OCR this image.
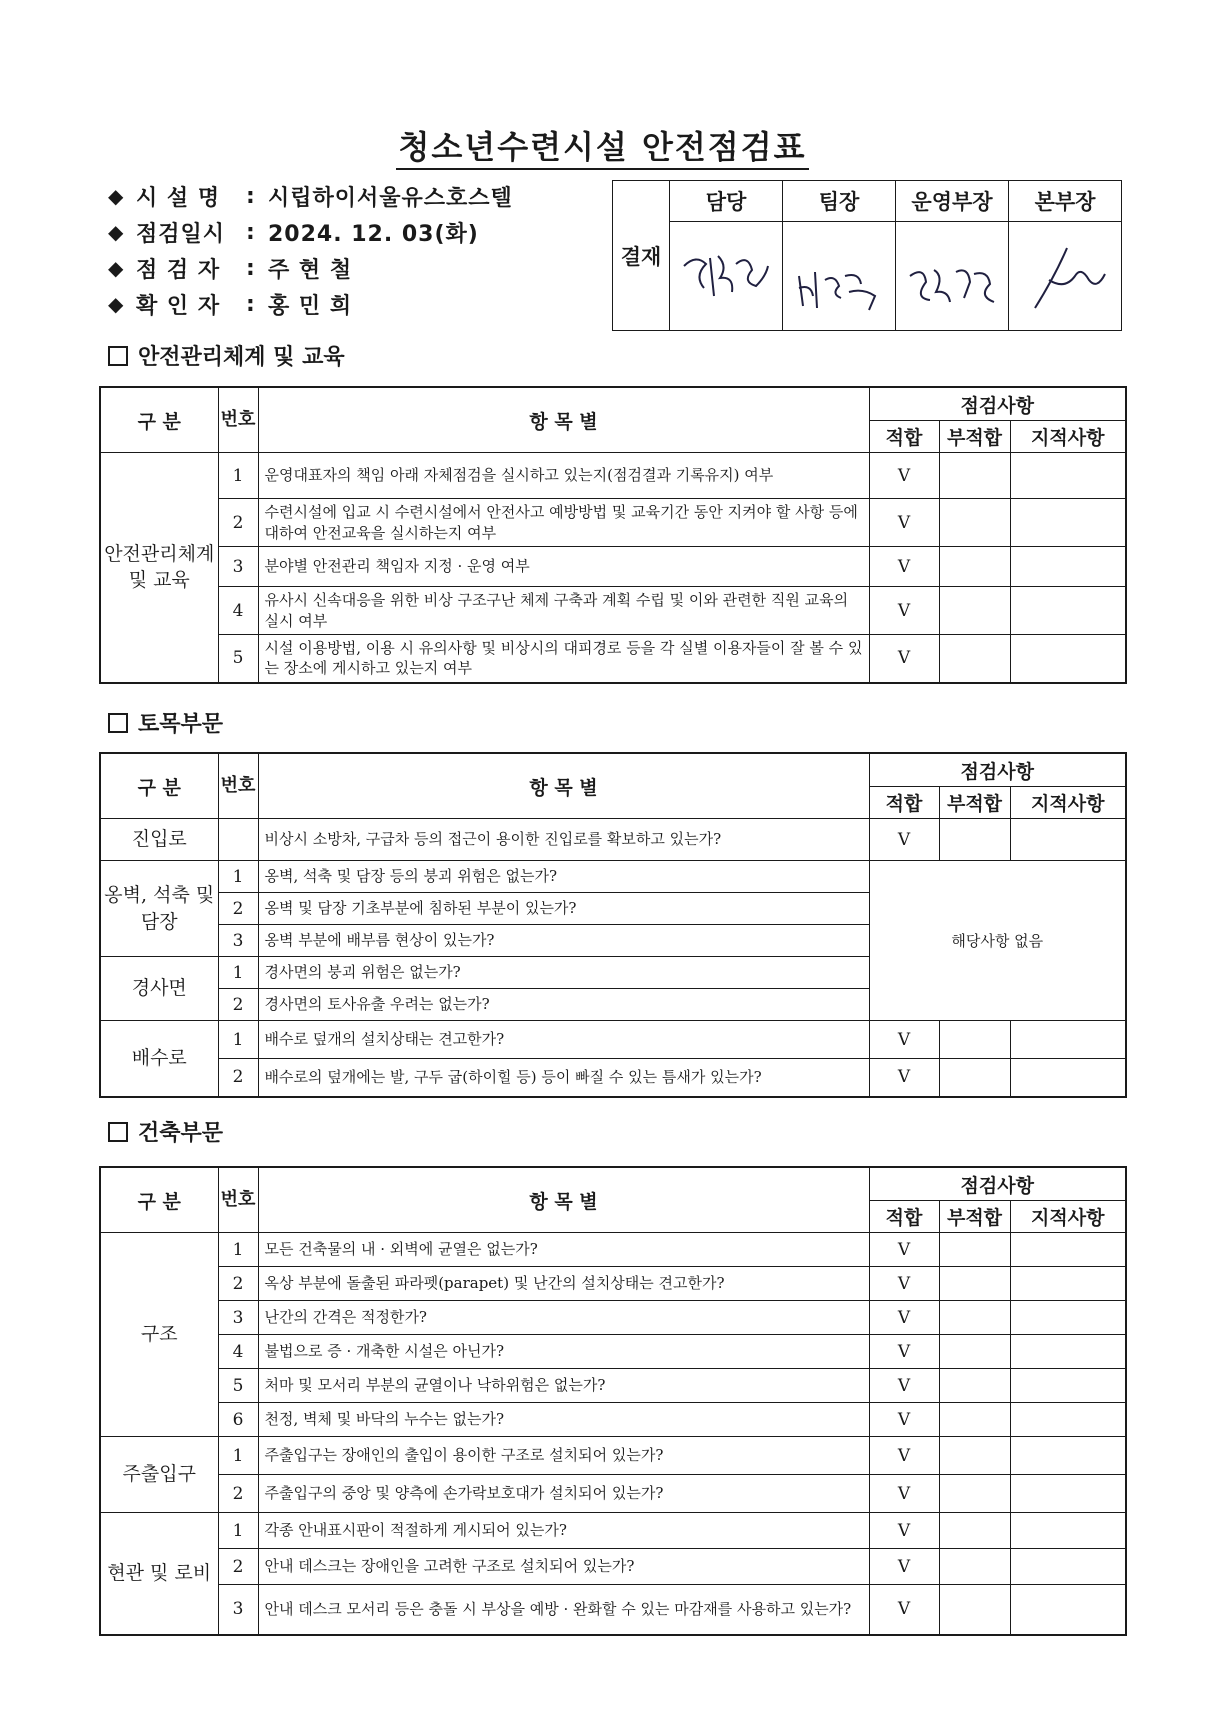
청소년수련시설 안전점검표
◆ 시 설 명	: 시립하이서울유스호스텔
◆ 점검일시 : 2024. 12. 03(화)
◆ 점 검 자	: 주 현 철
◆ 확 인 자	: 홍 민 희
결재	담당	팀장	운영부장	본부장

안전관리체계 및 교육
구 분	번호	항 목 별	점검사항		
			적합	부적합	지적사항
안전관리체계 및 교육	1	운영대표자의 책임 아래 자체점검을 실시하고 있는지(점검결과 기록유지) 여부	V		
	2	수련시설에 입교 시 수련시설에서 안전사고 예방방법 및 교육기간 동안 지켜야 할 사항 등에 대하여 안전교육을 실시하는지 여부	V		
	3	분야별 안전관리 책임자 지정 · 운영 여부	V		
	4	유사시 신속대응을 위한 비상 구조구난 체제 구축과 계획 수립 및 이와 관련한 직원 교육의 실시 여부	V		
	5	시설 이용방법, 이용 시 유의사항 및 비상시의 대피경로 등을 각 실별 이용자들이 잘 볼 수 있는 장소에 게시하고 있는지 여부	V		
토목부문
구 분	번호	항 목 별	점검사항		
			적합	부적합	지적사항
진입로		비상시 소방차, 구급차 등의 접근이 용이한 진입로를 확보하고 있는가?	V		
옹벽, 석축 및 담장	1	옹벽, 석축 및 담장 등의 붕괴 위험은 없는가?	해당사항 없음		
	2	옹벽 및 담장 기초부분에 침하된 부분이 있는가?			
	3	옹벽 부분에 배부름 현상이 있는가?			
경사면	1	경사면의 붕괴 위험은 없는가?			
	2	경사면의 토사유출 우려는 없는가?			
배수로	1	배수로 덮개의 설치상태는 견고한가?	V		
	2	배수로의 덮개에는 발, 구두 굽(하이힐 등) 등이 빠질 수 있는 틈새가 있는가?	V		
건축부문
구 분	번호	항 목 별	점검사항		
			적합	부적합	지적사항
구조	1	모든 건축물의 내 · 외벽에 균열은 없는가?	V		
	2	옥상 부분에 돌출된 파라펫(parapet) 및 난간의 설치상태는 견고한가?	V		
	3	난간의 간격은 적정한가?	V		
	4	불법으로 증 · 개축한 시설은 아닌가?	V		
	5	처마 및 모서리 부분의 균열이나 낙하위험은 없는가?	V		
	6	천정, 벽체 및 바닥의 누수는 없는가?	V		
주출입구	1	주출입구는 장애인의 출입이 용이한 구조로 설치되어 있는가?	V		
	2	주출입구의 중앙 및 양측에 손가락보호대가 설치되어 있는가?	V		
현관 및 로비	1	각종 안내표시판이 적절하게 게시되어 있는가?	V		
	2	안내 데스크는 장애인을 고려한 구조로 설치되어 있는가?	V		
	3	안내 데스크 모서리 등은 충돌 시 부상을 예방 · 완화할 수 있는 마감재를 사용하고 있는가?	V		
